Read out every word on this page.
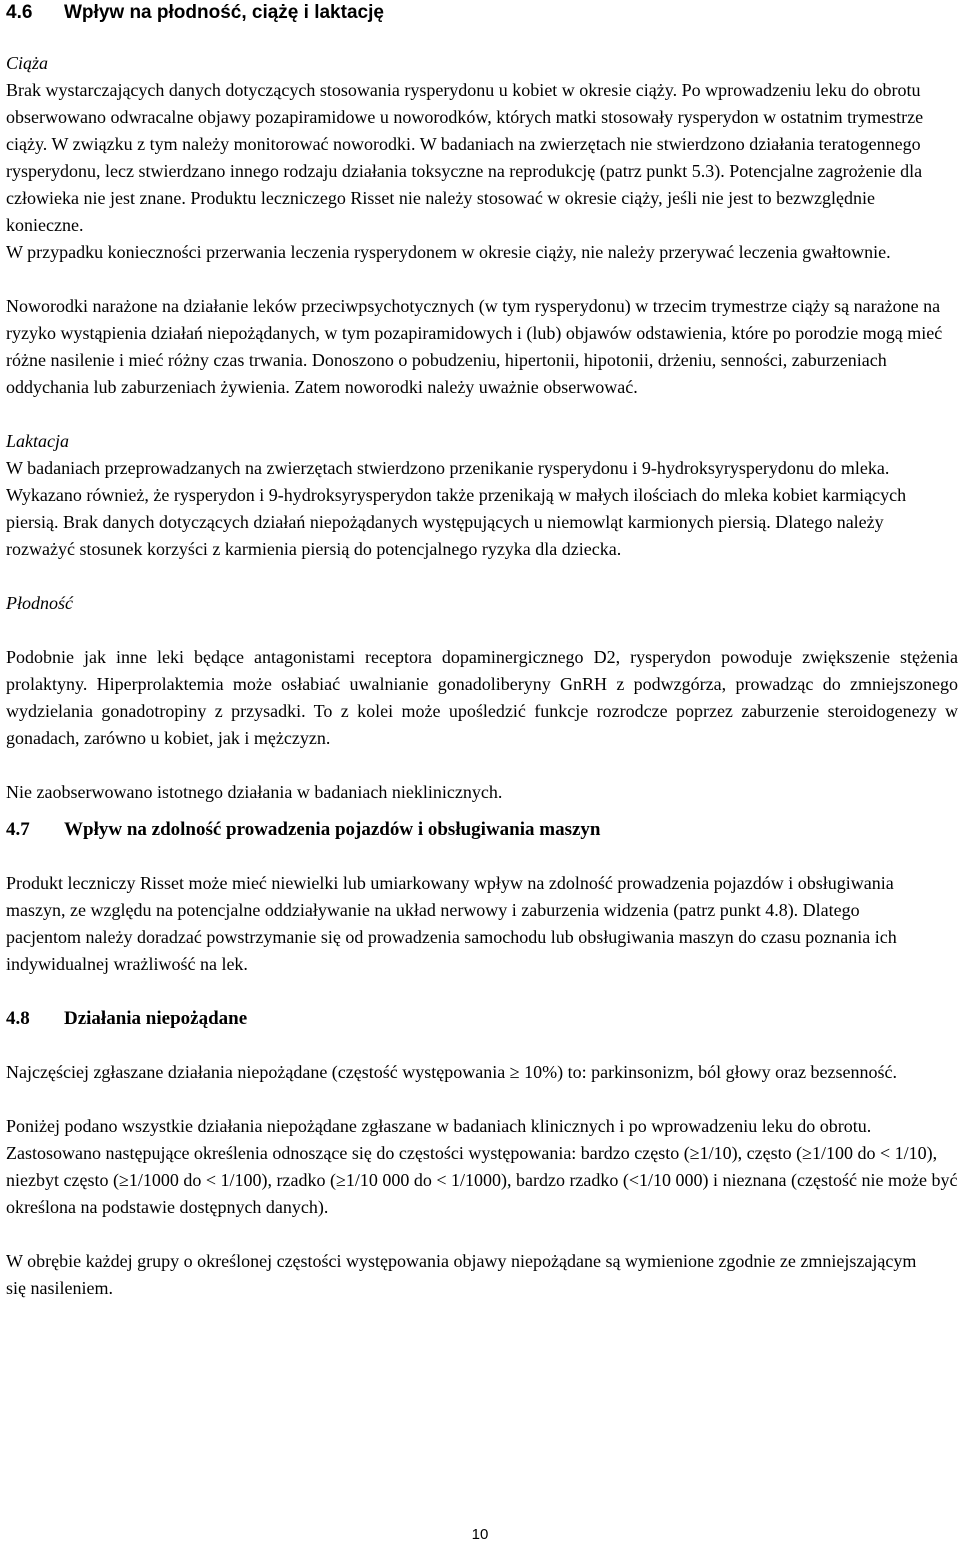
4.6 Wpływ na płodność, ciążę i laktację

Ciąża

Brak wystarczających danych dotyczących stosowania rysperydonu u kobiet w okresie ciąży. Po wprowadzeniu leku do obrotu obserwowano odwracalne objawy pozapiramidowe u noworodków, których matki stosowały rysperydon w ostatnim trymestrze ciąży. W związku z tym należy monitorować noworodki. W badaniach na zwierzętach nie stwierdzono działania teratogennego rysperydonu, lecz stwierdzano innego rodzaju działania toksyczne na reprodukcję (patrz punkt 5.3). Potencjalne zagrożenie dla człowieka nie jest znane. Produktu leczniczego Risset nie należy stosować w okresie ciąży, jeśli nie jest to bezwzględnie konieczne.

W przypadku konieczności przerwania leczenia rysperydonem w okresie ciąży, nie należy przerywać leczenia gwałtownie.

Noworodki narażone na działanie leków przeciwpsychotycznych (w tym rysperydonu) w trzecim trymestrze ciąży są narażone na ryzyko wystąpienia działań niepożądanych, w tym pozapiramidowych i (lub) objawów odstawienia, które po porodzie mogą mieć różne nasilenie i mieć różny czas trwania. Donoszono o pobudzeniu, hipertonii, hipotonii, drżeniu, senności, zaburzeniach oddychania lub zaburzeniach żywienia. Zatem noworodki należy uważnie obserwować.

Laktacja

W badaniach przeprowadzanych na zwierzętach stwierdzono przenikanie rysperydonu i 9-hydroksyrysperydonu do mleka. Wykazano również, że rysperydon i 9-hydroksyrysperydon także przenikają w małych ilościach do mleka kobiet karmiących piersią. Brak danych dotyczących działań niepożądanych występujących u niemowląt karmionych piersią. Dlatego należy rozważyć stosunek korzyści z karmienia piersią do potencjalnego ryzyka dla dziecka.

Płodność

Podobnie jak inne leki będące antagonistami receptora dopaminergicznego D2, rysperydon powoduje zwiększenie stężenia prolaktyny. Hiperprolaktemia może osłabiać uwalnianie gonadoliberyny GnRH z podwzgórza, prowadząc do zmniejszonego wydzielania gonadotropiny z przysadki. To z kolei może upośledzić funkcje rozrodcze poprzez zaburzenie steroidogenezy w gonadach, zarówno u kobiet, jak i mężczyzn.

Nie zaobserwowano istotnego działania w badaniach nieklinicznych.

4.7 Wpływ na zdolność prowadzenia pojazdów i obsługiwania maszyn

Produkt leczniczy Risset może mieć niewielki lub umiarkowany wpływ na zdolność prowadzenia pojazdów i obsługiwania maszyn, ze względu na potencjalne oddziaływanie na układ nerwowy i zaburzenia widzenia (patrz punkt 4.8). Dlatego pacjentom należy doradzać powstrzymanie się od prowadzenia samochodu lub obsługiwania maszyn do czasu poznania ich indywidualnej wrażliwość na lek.

4.8 Działania niepożądane

Najczęściej zgłaszane działania niepożądane (częstość występowania ≥ 10%) to: parkinsonizm, ból głowy oraz bezsenność.

Poniżej podano wszystkie działania niepożądane zgłaszane w badaniach klinicznych i po wprowadzeniu leku do obrotu. Zastosowano następujące określenia odnoszące się do częstości występowania: bardzo często (≥1/10), często (≥1/100 do < 1/10), niezbyt często (≥1/1000 do < 1/100), rzadko (≥1/10 000 do < 1/1000), bardzo rzadko (<1/10 000) i nieznana (częstość nie może być określona na podstawie dostępnych danych).

W obrębie każdej grupy o określonej częstości występowania objawy niepożądane są wymienione zgodnie ze zmniejszającym się nasileniem.

10
